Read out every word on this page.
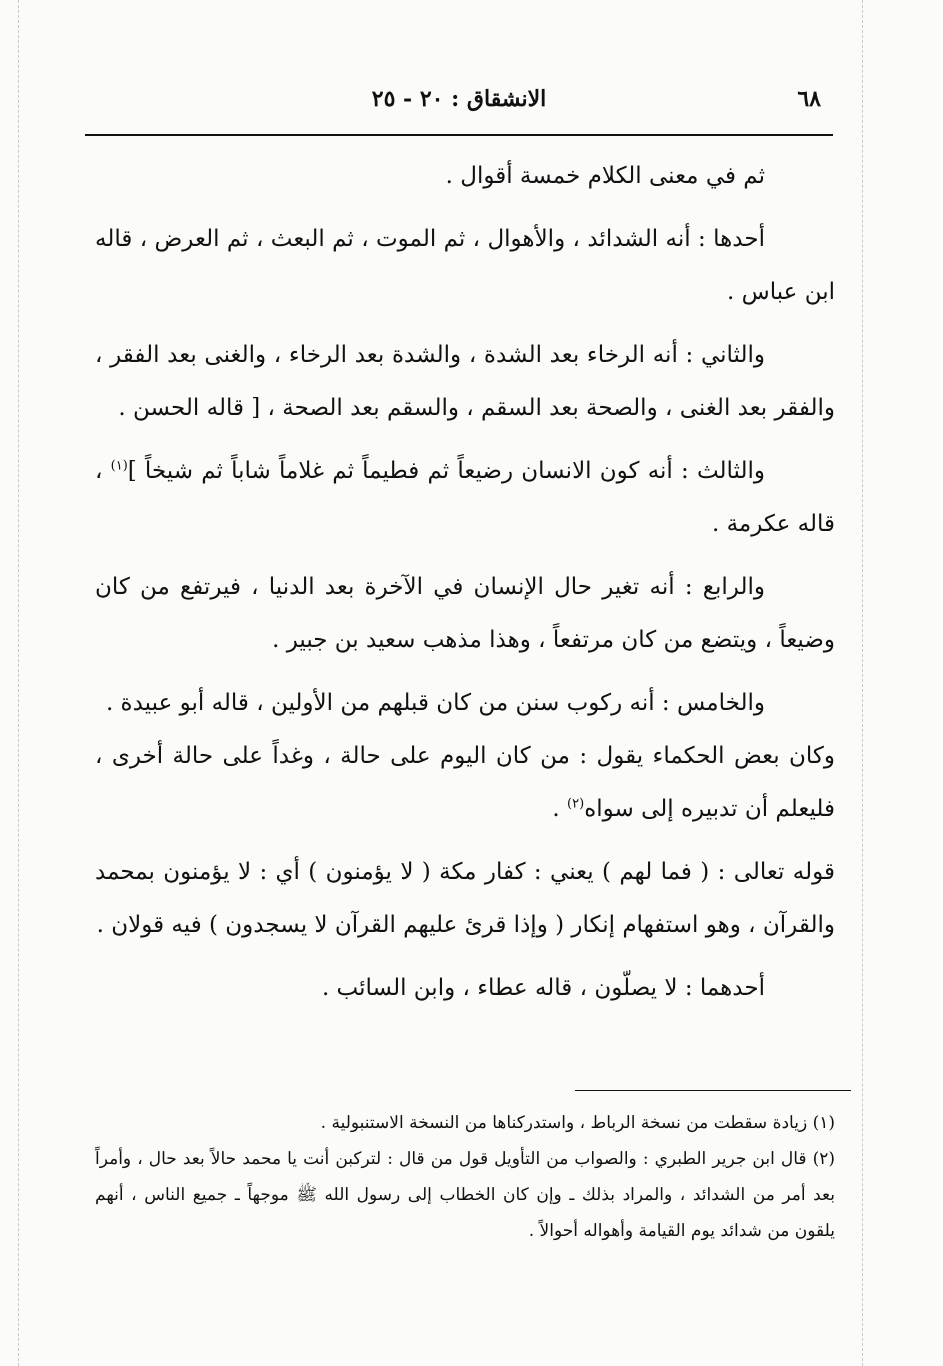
٦٨
الانشقاق : ٢٠ - ٢٥

ثم في معنى الكلام خمسة أقوال .

أحدها : أنه الشدائد ، والأهوال ، ثم الموت ، ثم البعث ، ثم العرض ، قاله ابن عباس .

والثاني : أنه الرخاء بعد الشدة ، والشدة بعد الرخاء ، والغنى بعد الفقر ، والفقر بعد الغنى ، والصحة بعد السقم ، والسقم بعد الصحة ، [ قاله الحسن .

والثالث : أنه كون الانسان رضيعاً ثم فطيماً ثم غلاماً شاباً ثم شيخاً ]$^{(١)}$ ، قاله عكرمة .

والرابع : أنه تغير حال الإنسان في الآخرة بعد الدنيا ، فيرتفع من كان وضيعاً ، ويتضع من كان مرتفعاً ، وهذا مذهب سعيد بن جبير .

والخامس : أنه ركوب سنن من كان قبلهم من الأولين ، قاله أبو عبيدة .

وكان بعض الحكماء يقول : من كان اليوم على حالة ، وغداً على حالة أخرى ، فليعلم أن تدبيره إلى سواه$^{(٢)}$ .

قوله تعالى : ( فما لهم ) يعني : كفار مكة ( لا يؤمنون ) أي : لا يؤمنون بمحمد والقرآن ، وهو استفهام إنكار ( وإذا قرئ عليهم القرآن لا يسجدون ) فيه قولان .

أحدهما : لا يصلّون ، قاله عطاء ، وابن السائب .

(١) زيادة سقطت من نسخة الرباط ، واستدركناها من النسخة الاستنبولية .

(٢) قال ابن جرير الطبري : والصواب من التأويل قول من قال : لتركبن أنت يا محمد حالاً بعد حال ، وأمراً بعد أمر من الشدائد ، والمراد بذلك ـ وإن كان الخطاب إلى رسول الله ﷺ موجهاً ـ جميع الناس ، أنهم يلقون من شدائد يوم القيامة وأهواله أحوالاً .
